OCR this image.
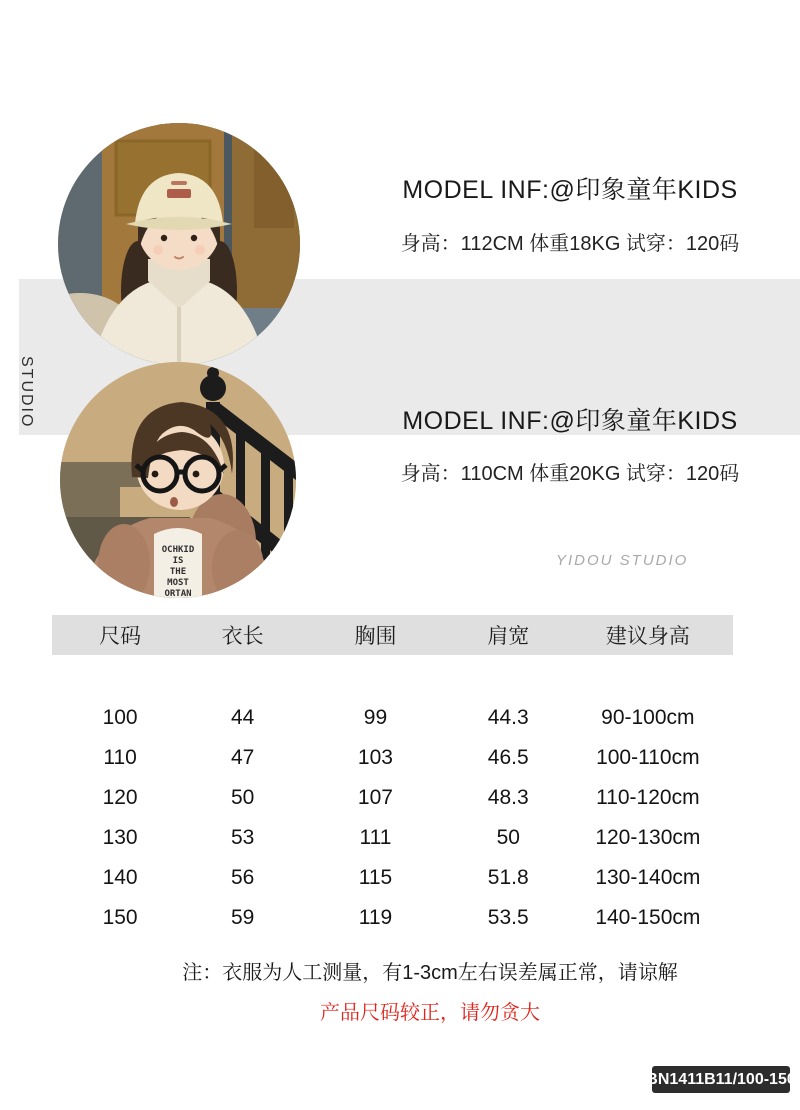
STUDIO
OCHKID
IS
THE
MOST
ORTAN
MODEL INF:@印象童年KIDS
身高：112CM 体重18KG 试穿：120码
MODEL INF:@印象童年KIDS
身高：110CM 体重20KG 试穿：120码
YIDOU STUDIO
尺码	衣长	胸围	肩宽	建议身高
100	44	99	44.3	90-100cm
110	47	103	46.5	100-110cm
120	50	107	48.3	110-120cm
130	53	111	50	120-130cm
140	56	115	51.8	130-140cm
150	59	119	53.5	140-150cm
注：衣服为人工测量，有1-3cm左右误差属正常，请谅解
产品尺码较正，请勿贪大
BN1411B11/100-150
